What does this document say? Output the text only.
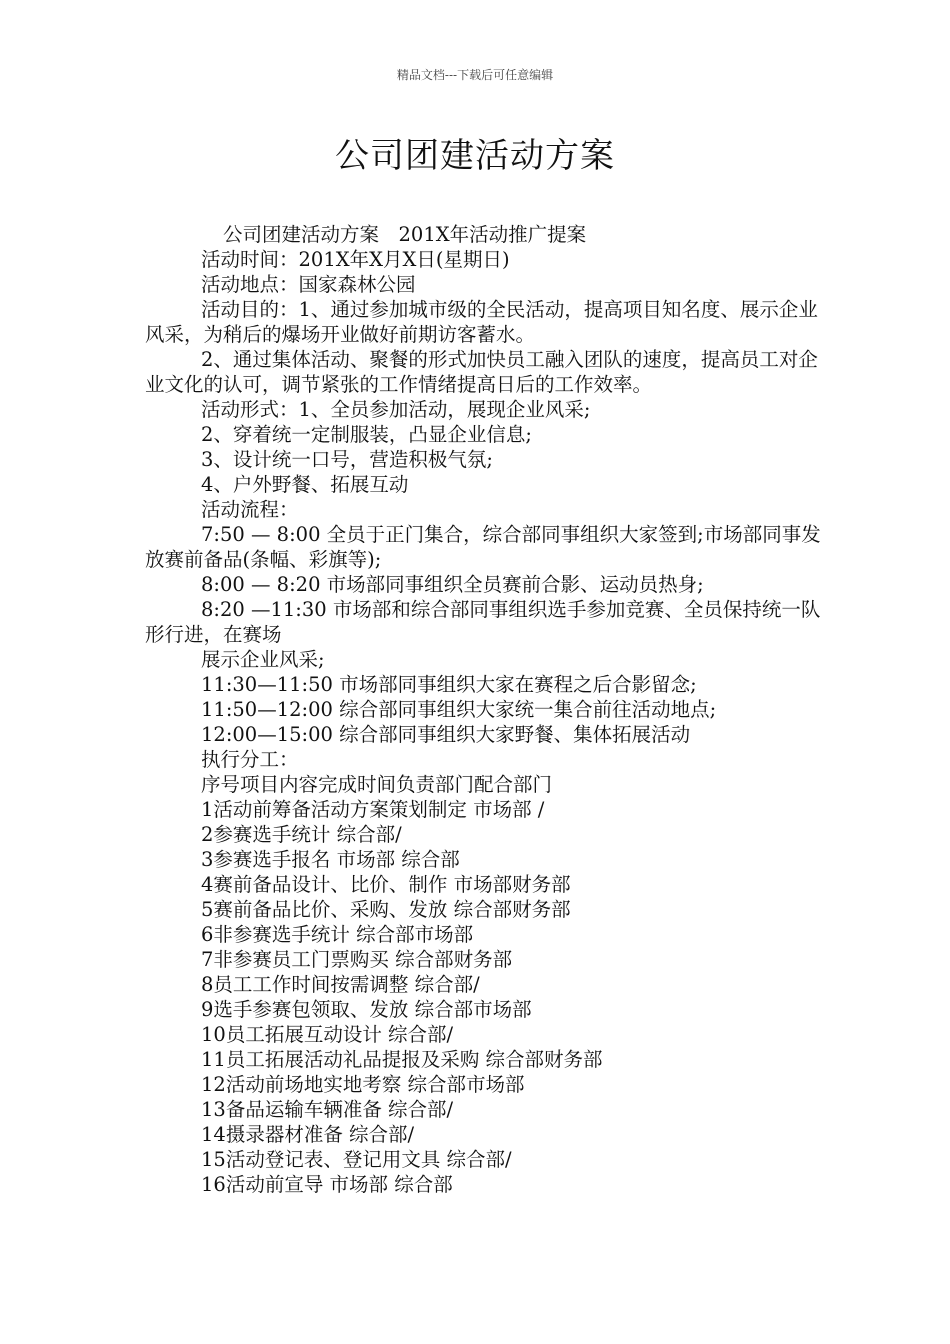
精品文档---下载后可任意编辑
公司团建活动方案

公司团建活动方案　201X年活动推广提案

活动时间：201X年X月X日(星期日)

活动地点：国家森林公园

活动目的：1、通过参加城市级的全民活动，提高项目知名度、展示企业风采，为稍后的爆场开业做好前期访客蓄水。

2、通过集体活动、聚餐的形式加快员工融入团队的速度，提高员工对企业文化的认可，调节紧张的工作情绪提高日后的工作效率。

活动形式：1、全员参加活动，展现企业风采;

2、穿着统一定制服装，凸显企业信息;

3、设计统一口号，营造积极气氛;

4、户外野餐、拓展互动

活动流程：

7:50 — 8:00 全员于正门集合，综合部同事组织大家签到;市场部同事发放赛前备品(条幅、彩旗等);

8:00 — 8:20 市场部同事组织全员赛前合影、运动员热身;

8:20 —11:30 市场部和综合部同事组织选手参加竞赛、全员保持统一队形行进，在赛场

展示企业风采;

11:30—11:50 市场部同事组织大家在赛程之后合影留念;

11:50—12:00 综合部同事组织大家统一集合前往活动地点;

12:00—15:00 综合部同事组织大家野餐、集体拓展活动

执行分工：

序号项目内容完成时间负责部门配合部门

1活动前筹备活动方案策划制定 市场部 /

2参赛选手统计 综合部/

3参赛选手报名 市场部 综合部

4赛前备品设计、比价、制作 市场部财务部

5赛前备品比价、采购、发放 综合部财务部

6非参赛选手统计 综合部市场部

7非参赛员工门票购买 综合部财务部

8员工工作时间按需调整 综合部/

9选手参赛包领取、发放 综合部市场部

10员工拓展互动设计 综合部/

11员工拓展活动礼品提报及采购 综合部财务部

12活动前场地实地考察 综合部市场部

13备品运输车辆准备 综合部/

14摄录器材准备 综合部/

15活动登记表、登记用文具 综合部/

16活动前宣导 市场部 综合部
